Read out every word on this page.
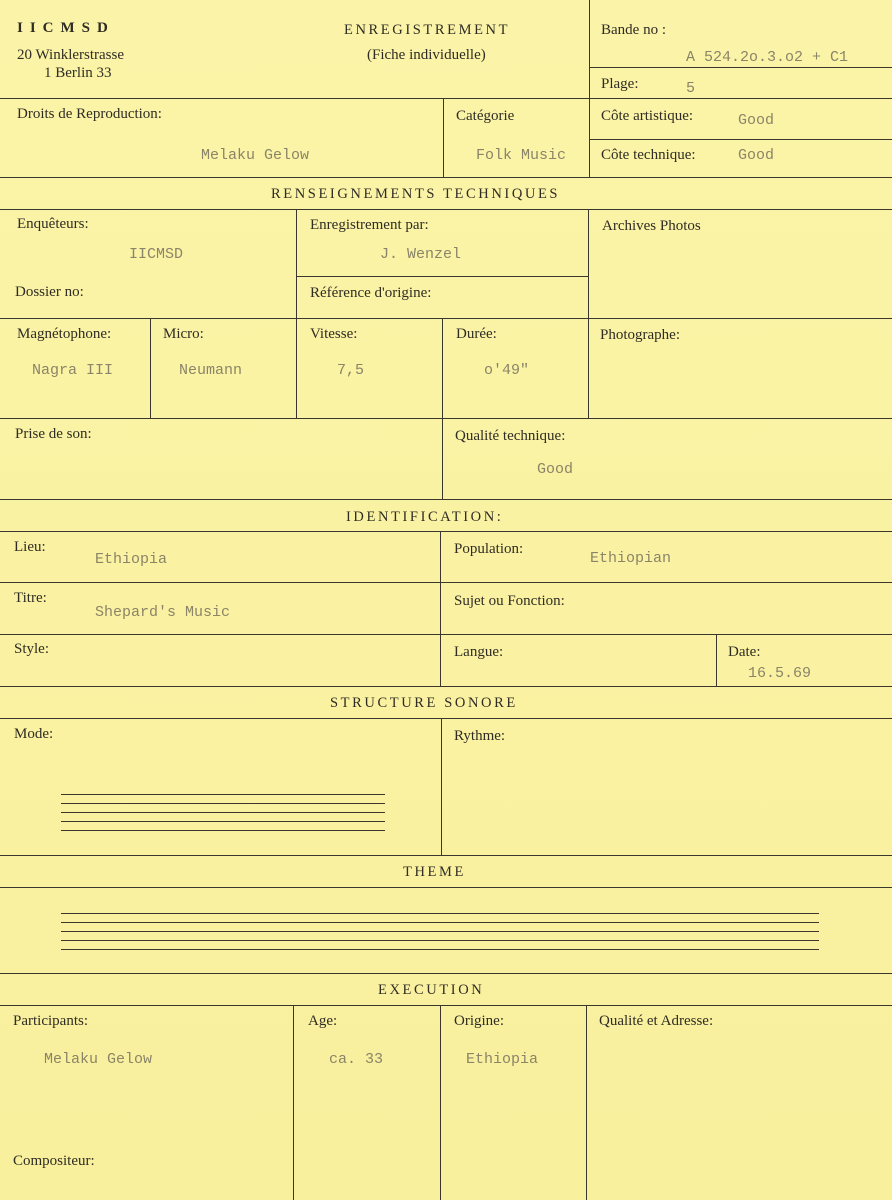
IICMSD
20 Winklerstrasse
1 Berlin 33
ENREGISTREMENT
(Fiche individuelle)
Bande no :
A 524.2o.3.o2 + C1
Plage:	5
Droits de Reproduction:
Melaku Gelow
Catégorie
Folk Music
Côte artistique:	Good
Côte technique:	Good
RENSEIGNEMENTS TECHNIQUES
Enquêteurs:
IICMSD
Enregistrement par:
J. Wenzel
Archives Photos
Dossier no:	Référence d'origine:
Magnétophone:
Nagra III
Micro:
Neumann
Vitesse:
7,5
Durée:
o'49"
Photographe:
Prise de son:	Qualité technique:
Good
IDENTIFICATION:
Lieu:
Ethiopia
Population:
Ethiopian
Titre:
Shepard's Music
Sujet ou Fonction:
Style:	Langue:	Date:
16.5.69
STRUCTURE SONORE
Mode:	Rythme:
THEME
EXECUTION
Participants:
Melaku Gelow
Age:
ca. 33
Origine:
Ethiopia
Qualité et Adresse:
Compositeur:
